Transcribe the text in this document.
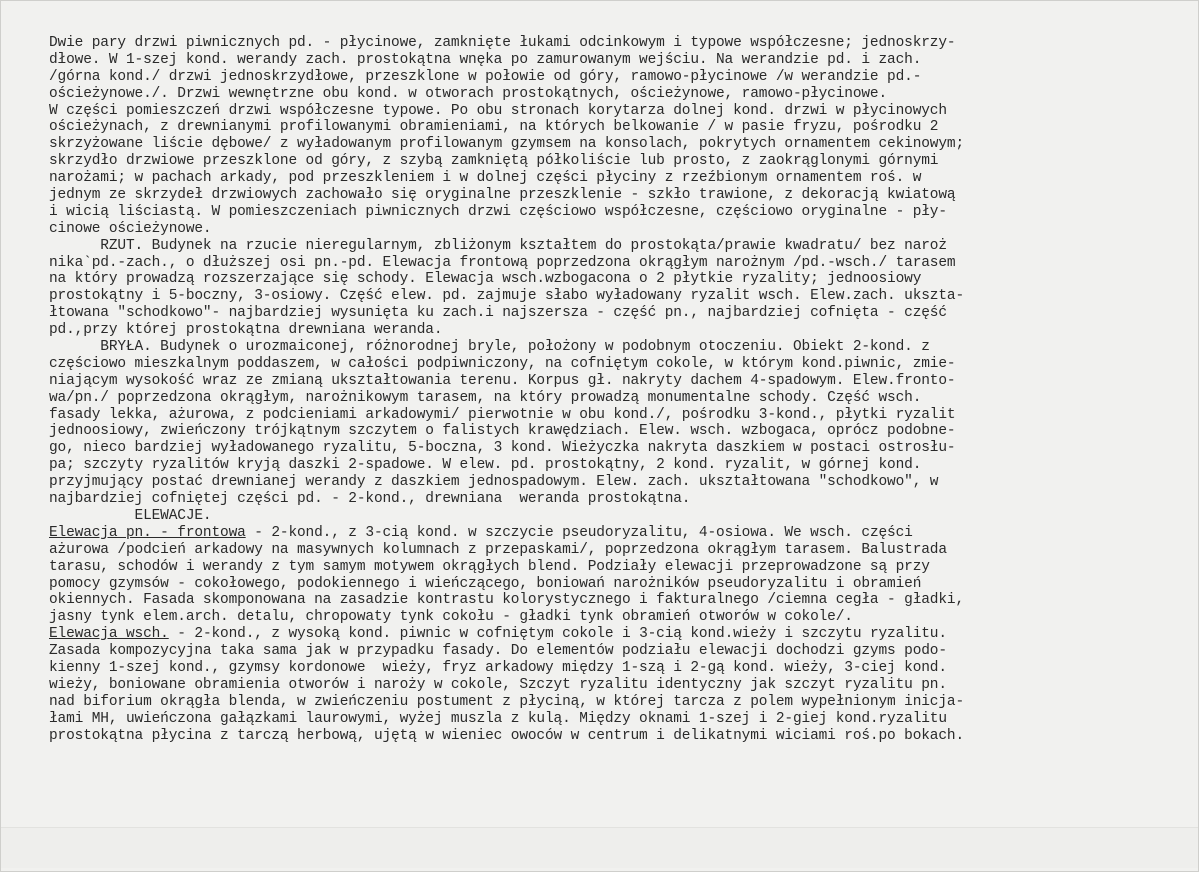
Dwie pary drzwi piwnicznych pd. - płycinowe, zamknięte łukami odcinkowym i typowe współczesne; jednoskrzy-
dłowe. W 1-szej kond. werandy zach. prostokątna wnęka po zamurowanym wejściu. Na werandzie pd. i zach.
/górna kond./ drzwi jednoskrzydłowe, przeszklone w połowie od góry, ramowo-płycinowe /w werandzie pd.-
ościeżynowe./. Drzwi wewnętrzne obu kond. w otworach prostokątnych, ościeżynowe, ramowo-płycinowe.
W części pomieszczeń drzwi współczesne typowe. Po obu stronach korytarza dolnej kond. drzwi w płycinowych
ościeżynach, z drewnianymi profilowanymi obramieniami, na których belkowanie / w pasie fryzu, pośrodku 2
skrzyżowane liście dębowe/ z wyładowanym profilowanym gzymsem na konsolach, pokrytych ornamentem cekinowym;
skrzydło drzwiowe przeszklone od góry, z szybą zamkniętą półkoliście lub prosto, z zaokrąglonymi górnymi
narożami; w pachach arkady, pod przeszkleniem i w dolnej części płyciny z rzeźbionym ornamentem roś. w
jednym ze skrzydeł drzwiowych zachowało się oryginalne przeszklenie - szkło trawione, z dekoracją kwiatową
i wicią liściastą. W pomieszczeniach piwnicznych drzwi częściowo współczesne, częściowo oryginalne - pły-
cinowe ościeżynowe.
RZUT. Budynek na rzucie nieregularnym, zbliżonym kształtem do prostokąta/prawie kwadratu/ bez naroż
nika`pd.-zach., o dłuższej osi pn.-pd. Elewacja frontową poprzedzona okrągłym narożnym /pd.-wsch./ tarasem
na który prowadzą rozszerzające się schody. Elewacja wsch.wzbogacona o 2 płytkie ryzality; jednoosiowy
prostokątny i 5-boczny, 3-osiowy. Część elew. pd. zajmuje słabo wyładowany ryzalit wsch. Elew.zach. uksztа-
łtowana "schodkowo"- najbardziej wysunięta ku zach.i najszersza - część pn., najbardziej cofnięta - część
pd.,przy której prostokątna drewniana weranda.
BRYŁA. Budynek o urozmaiconej, różnorodnej bryle, położony w podobnym otoczeniu. Obiekt 2-kond. z
częściowo mieszkalnym poddaszem, w całości podpiwniczony, na cofniętym cokole, w którym kond.piwnic, zmie-
niającym wysokość wraz ze zmianą ukształtowania terenu. Korpus gł. nakryty dachem 4-spadowym. Elew.fronto-
wa/pn./ poprzedzona okrągłym, narożnikowym tarasem, na który prowadzą monumentalne schody. Część wsch.
fasady lekka, ażurowa, z podcieniami arkadowymi/ pierwotnie w obu kond./, pośrodku 3-kond., płytki ryzalit
jednoosiowy, zwieńczony trójkątnym szczytem o falistych krawędziach. Elew. wsch. wzbogaca, oprócz podobne-
go, nieco bardziej wyładowanego ryzalitu, 5-boczna, 3 kond. Wieżyczka nakryta daszkiem w postaci ostrosłu-
pa; szczyty ryzalitów kryją daszki 2-spadowe. W elew. pd. prostokątny, 2 kond. ryzalit, w górnej kond.
przyjmujący postać drewnianej werandy z daszkiem jednospadowym. Elew. zach. ukształtowana "schodkowo", w
najbardziej cofniętej części pd. - 2-kond., drewniana  weranda prostokątna.
ELEWACJE.
Elewacja pn. - frontowa - 2-kond., z 3-cią kond. w szczycie pseudoryzalitu, 4-osiowa. We wsch. części
ażurowa /podcień arkadowy na masywnych kolumnach z przepaskami/, poprzedzona okrągłym tarasem. Balustrada
tarasu, schodów i werandy z tym samym motywem okrągłych blend. Podziały elewacji przeprowadzone są przy
pomocy gzymsów - cokołowego, podokiennego i wieńczącego, boniowań narożników pseudoryzalitu i obramień
okiennych. Fasada skomponowana na zasadzie kontrastu kolorystycznego i fakturalnego /ciemna cegła - gładki,
jasny tynk elem.arch. detalu, chropowaty tynk cokołu - gładki tynk obramień otworów w cokole/.
Elewacja wsch. - 2-kond., z wysoką kond. piwnic w cofniętym cokole i 3-cią kond.wieży i szczytu ryzalitu.
Zasada kompozycyjna taka sama jak w przypadku fasady. Do elementów podziału elewacji dochodzi gzyms podo-
kienny 1-szej kond., gzymsy kordonowe  wieży, fryz arkadowy między 1-szą i 2-gą kond. wieży, 3-ciej kond.
wieży, boniowane obramienia otworów i naroży w cokole, Szczyt ryzalitu identyczny jak szczyt ryzalitu pn.
nad biforium okrągła blenda, w zwieńczeniu postument z płyciną, w której tarcza z polem wypełnionym inicja-
łami MH, uwieńczona gałązkami laurowymi, wyżej muszla z kulą. Między oknami 1-szej i 2-giej kond.ryzalitu
prostokątna płycina z tarczą herbową, ujętą w wieniec owoców w centrum i delikatnymi wiciami roś.po bokach.
